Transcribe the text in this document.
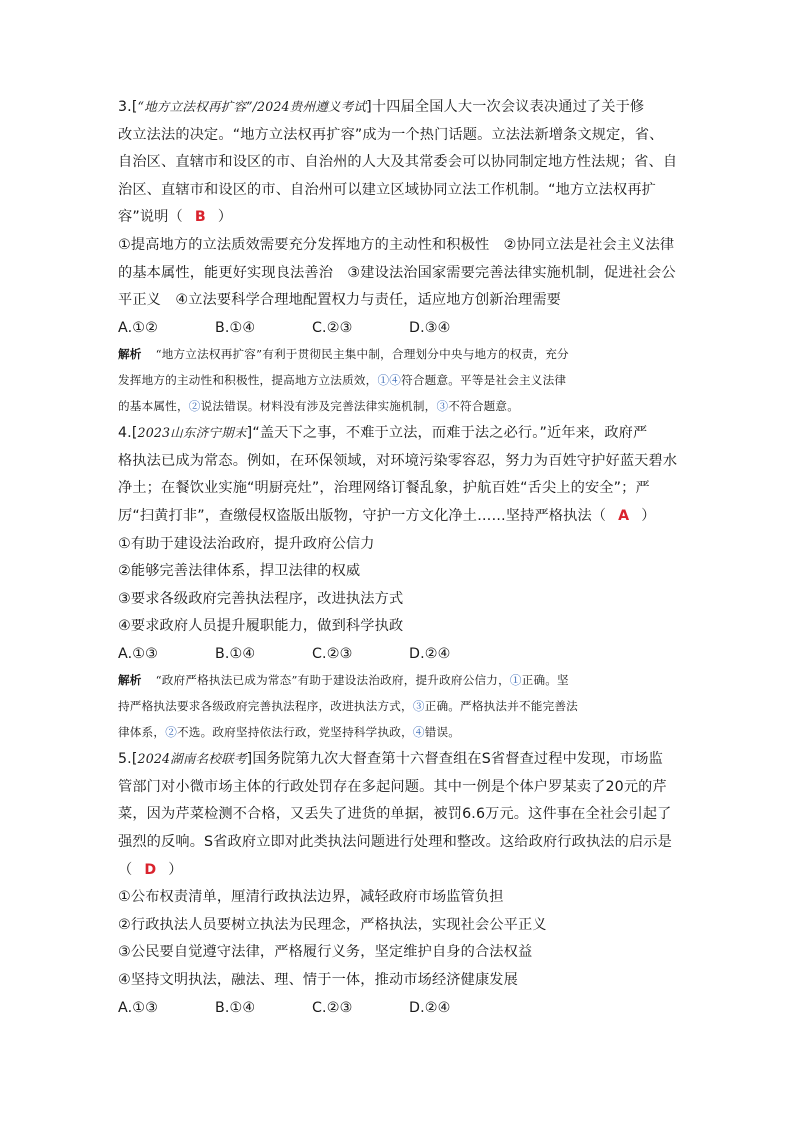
3.[“地方立法权再扩容”/2024贵州遵义考试]十四届全国人大一次会议表决通过了关于修
改立法法的决定。“地方立法权再扩容”成为一个热门话题。立法法新增条文规定，省、
自治区、直辖市和设区的市、自治州的人大及其常委会可以协同制定地方性法规；省、自
治区、直辖市和设区的市、自治州可以建立区域协同立法工作机制。“地方立法权再扩
容”说明（ B ）
①提高地方的立法质效需要充分发挥地方的主动性和积极性　②协同立法是社会主义法律
的基本属性，能更好实现良法善治　③建设法治国家需要完善法律实施机制，促进社会公
平正义　④立法要科学合理地配置权力与责任，适应地方创新治理需要
A.①②	B.①④	C.②③	D.③④
解析 “地方立法权再扩容”有利于贯彻民主集中制，合理划分中央与地方的权责，充分
发挥地方的主动性和积极性，提高地方立法质效，①④符合题意。平等是社会主义法律
的基本属性，②说法错误。材料没有涉及完善法律实施机制，③不符合题意。
4.[2023山东济宁期末]“盖天下之事，不难于立法，而难于法之必行。”近年来，政府严
格执法已成为常态。例如，在环保领域，对环境污染零容忍，努力为百姓守护好蓝天碧水
净土；在餐饮业实施“明厨亮灶”，治理网络订餐乱象，护航百姓“舌尖上的安全”；严
厉“扫黄打非”，查缴侵权盗版出版物，守护一方文化净土……坚持严格执法（ A ）
①有助于建设法治政府，提升政府公信力
②能够完善法律体系，捍卫法律的权威
③要求各级政府完善执法程序，改进执法方式
④要求政府人员提升履职能力，做到科学执政
A.①③	B.①④	C.②③	D.②④
解析 “政府严格执法已成为常态”有助于建设法治政府，提升政府公信力，①正确。坚
持严格执法要求各级政府完善执法程序，改进执法方式，③正确。严格执法并不能完善法
律体系，②不选。政府坚持依法行政，党坚持科学执政，④错误。
5.[2024湖南名校联考]国务院第九次大督查第十六督查组在S省督查过程中发现，市场监
管部门对小微市场主体的行政处罚存在多起问题。其中一例是个体户罗某卖了20元的芹
菜，因为芹菜检测不合格，又丢失了进货的单据，被罚6.6万元。这件事在全社会引起了
强烈的反响。S省政府立即对此类执法问题进行处理和整改。这给政府行政执法的启示是
（ D ）
①公布权责清单，厘清行政执法边界，减轻政府市场监管负担
②行政执法人员要树立执法为民理念，严格执法，实现社会公平正义
③公民要自觉遵守法律，严格履行义务，坚定维护自身的合法权益
④坚持文明执法，融法、理、情于一体，推动市场经济健康发展
A.①③	B.①④	C.②③	D.②④
